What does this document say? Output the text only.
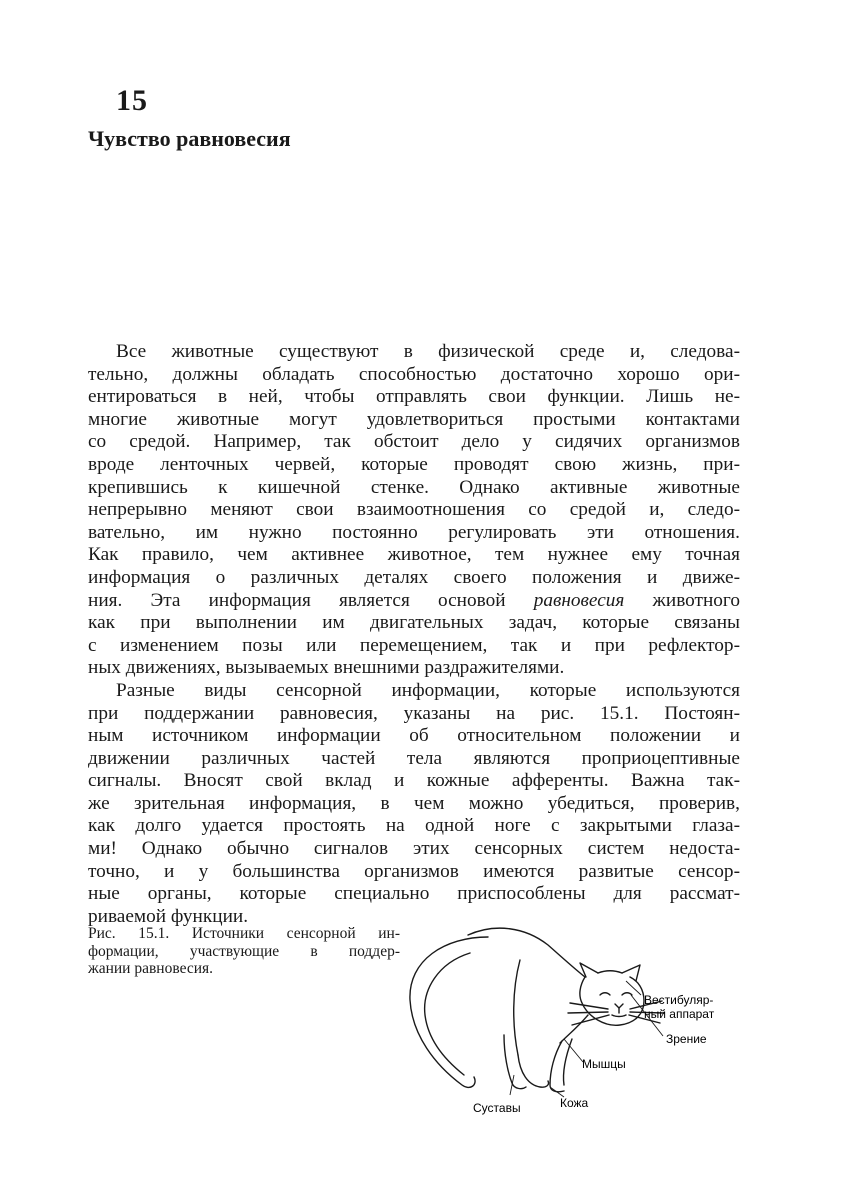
15
Чувство равновесия
Все животные существуют в физической среде и, следова-
тельно, должны обладать способностью достаточно хорошо ори-
ентироваться в ней, чтобы отправлять свои функции. Лишь не-
многие животные могут удовлетвориться простыми контактами
со средой. Например, так обстоит дело у сидячих организмов
вроде ленточных червей, которые проводят свою жизнь, при-
крепившись к кишечной стенке. Однако активные животные
непрерывно меняют свои взаимоотношения со средой и, следо-
вательно, им нужно постоянно регулировать эти отношения.
Как правило, чем активнее животное, тем нужнее ему точная
информация о различных деталях своего положения и движе-
ния. Эта информация является основой равновесия животного
как при выполнении им двигательных задач, которые связаны
с изменением позы или перемещением, так и при рефлектор-
ных движениях, вызываемых внешними раздражителями.
Разные виды сенсорной информации, которые используются
при поддержании равновесия, указаны на рис. 15.1. Постоян-
ным источником информации об относительном положении и
движении различных частей тела являются проприоцептивные
сигналы. Вносят свой вклад и кожные афференты. Важна так-
же зрительная информация, в чем можно убедиться, проверив,
как долго удается простоять на одной ноге с закрытыми глаза-
ми! Однако обычно сигналов этих сенсорных систем недоста-
точно, и у большинства организмов имеются развитые сенсор-
ные органы, которые специально приспособлены для рассмат-
риваемой функции.
Рис. 15.1. Источники сенсорной ин-
формации, участвующие в поддер-
жании равновесия.
Вестибуляр-
ный аппарат
Зрение
Мышцы
Суставы	Кожа
